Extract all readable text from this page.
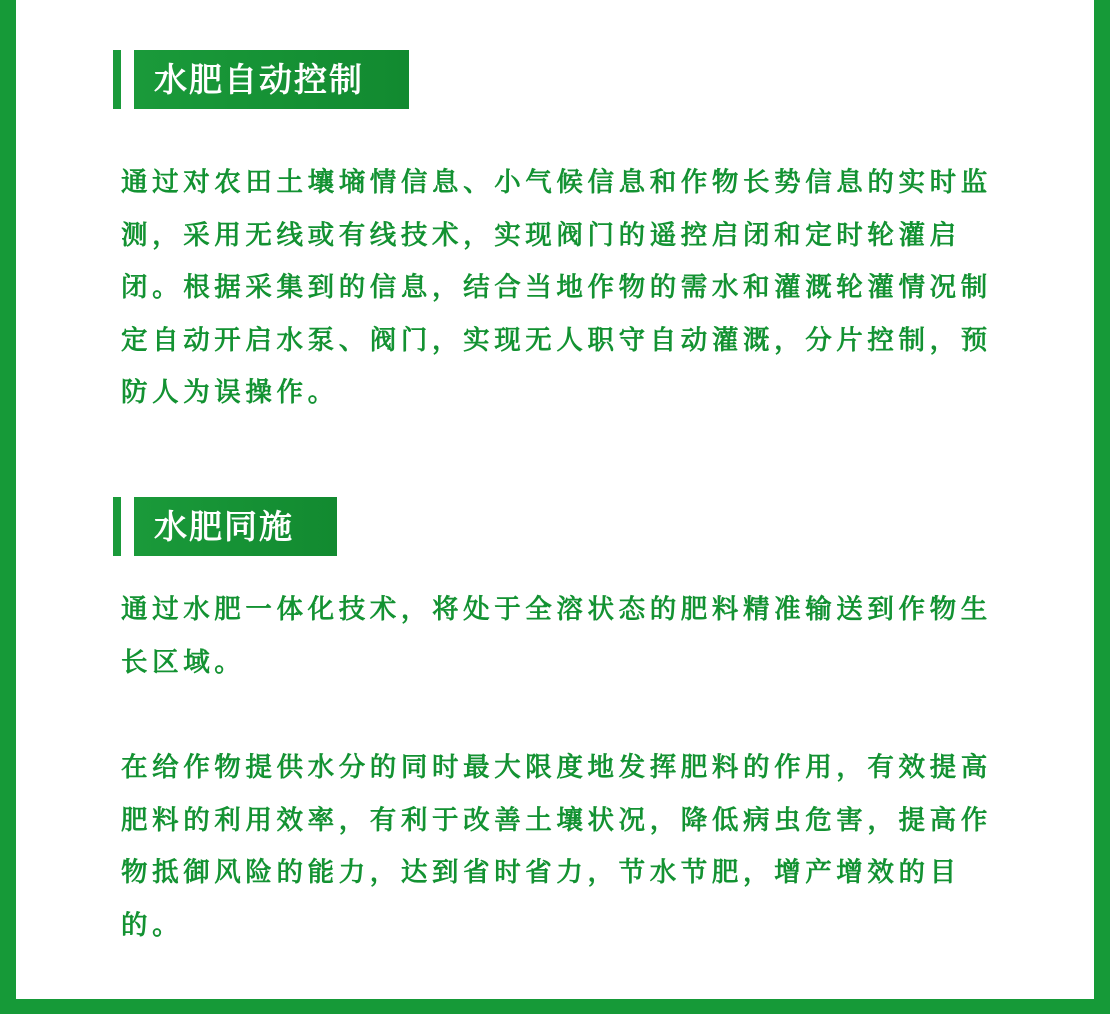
水肥自动控制

通过对农田土壤墒情信息、小气候信息和作物长势信息的实时监测，采用无线或有线技术，实现阀门的遥控启闭和定时轮灌启闭。根据采集到的信息，结合当地作物的需水和灌溉轮灌情况制定自动开启水泵、阀门，实现无人职守自动灌溉，分片控制，预防人为误操作。

水肥同施

通过水肥一体化技术，将处于全溶状态的肥料精准输送到作物生长区域。

在给作物提供水分的同时最大限度地发挥肥料的作用，有效提高肥料的利用效率，有利于改善土壤状况，降低病虫危害，提高作物抵御风险的能力，达到省时省力，节水节肥，增产增效的目的。
